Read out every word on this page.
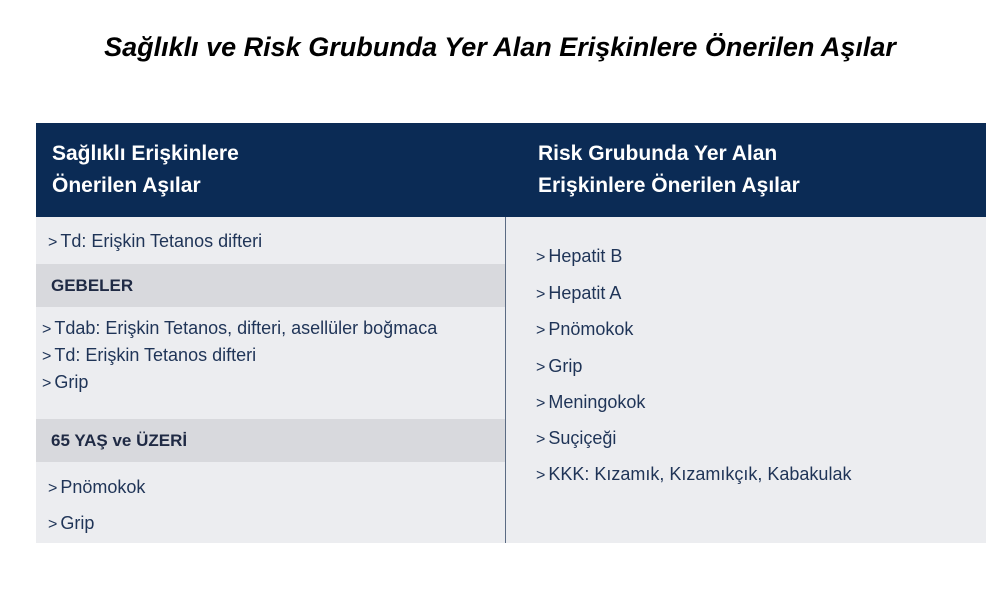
Sağlıklı ve Risk Grubunda Yer Alan Erişkinlere Önerilen Aşılar
Sağlıklı Erişkinlere
Önerilen Aşılar
Risk Grubunda Yer Alan
Erişkinlere Önerilen Aşılar
> Td: Erişkin Tetanos difteri
GEBELER
> Tdab: Erişkin Tetanos, difteri, asellüler boğmaca
> Td: Erişkin Tetanos difteri
> Grip
65 YAŞ ve ÜZERİ
> Pnömokok
> Grip
> Hepatit B
> Hepatit A
> Pnömokok
> Grip
> Meningokok
> Suçiçeği
> KKK: Kızamık, Kızamıkçık, Kabakulak
